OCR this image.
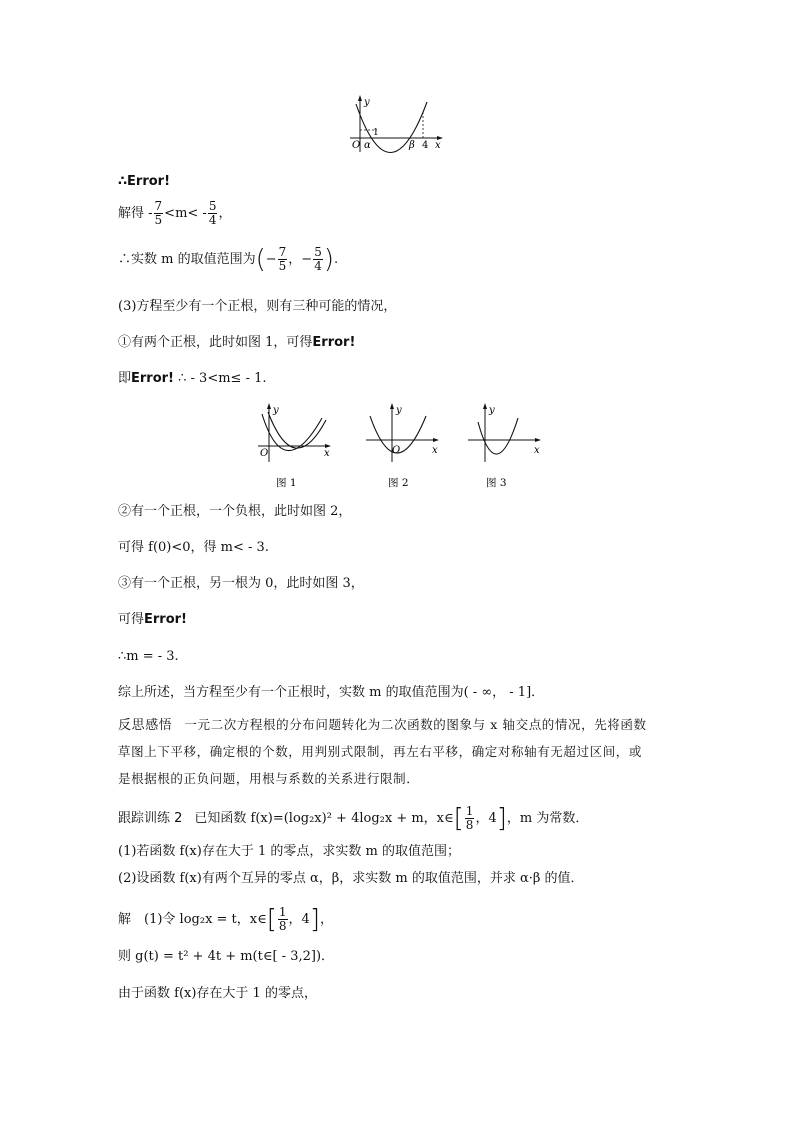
y
x
O
1
α	β 4
∴Error!
解得 - $\frac{7}{5} <m< - \frac{5}{4}$ ，
∴实数 m 的取值范围为(− $\frac{7}{5}$ ，− $\frac{5}{4}$ ).
(3)方程至少有一个正根，则有三种可能的情况，
①有两个正根，此时如图 1，可得Error!
即Error! ∴ - 3<m≤ - 1.
y
x
O
图 1
y
x
O
图 2
y
x
图 3
②有一个正根，一个负根，此时如图 2，
可得 f(0)<0，得 m< - 3.
③有一个正根，另一根为 0，此时如图 3，
可得Error!
∴m = - 3.
综上所述，当方程至少有一个正根时，实数 m 的取值范围为( - ∞， - 1]．
反思感悟 一元二次方程根的分布问题转化为二次函数的图象与 x 轴交点的情况，先将函数
草图上下平移，确定根的个数，用判别式限制，再左右平移，确定对称轴有无超过区间，或
是根据根的正负问题，用根与系数的关系进行限制．
跟踪训练 2 已知函数 f(x)=(log₂x)² + 4log₂x + m，x∈[ $\frac{1}{8}$ ，4]，m 为常数．
(1)若函数 f(x)存在大于 1 的零点，求实数 m 的取值范围；
(2)设函数 f(x)有两个互异的零点 α，β，求实数 m 的取值范围，并求 α·β 的值．
解　(1)令 log₂x = t，x∈[ $\frac{1}{8}$ ，4]，
则 g(t) = t² + 4t + m(t∈[ - 3,2])．
由于函数 f(x)存在大于 1 的零点，
